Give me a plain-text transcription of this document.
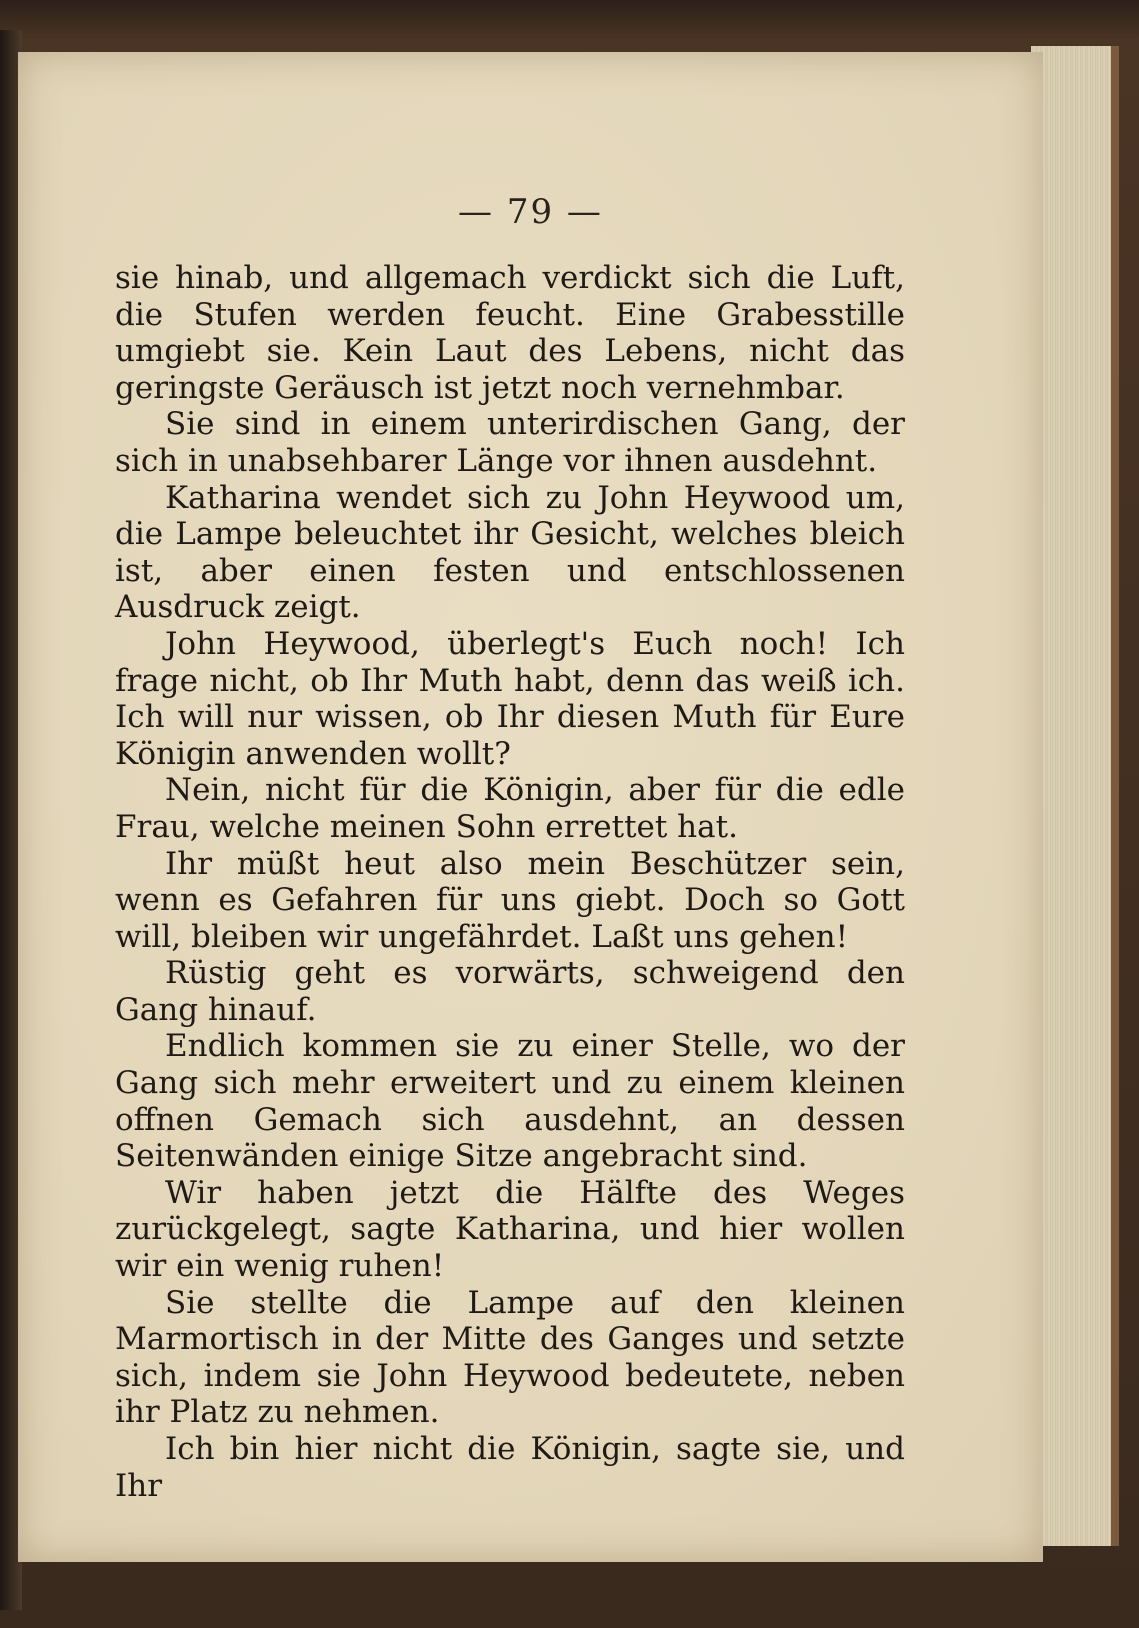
— 79 —

sie hinab, und allgemach verdickt sich die Luft, die Stufen werden feucht. Eine Grabesstille umgiebt sie. Kein Laut des Lebens, nicht das geringste Geräusch ist jetzt noch vernehmbar.

Sie sind in einem unterirdischen Gang, der sich in unabsehbarer Länge vor ihnen ausdehnt.

Katharina wendet sich zu John Heywood um, die Lampe beleuchtet ihr Gesicht, welches bleich ist, aber einen festen und entschlossenen Ausdruck zeigt.

John Heywood, überlegt's Euch noch! Ich frage nicht, ob Ihr Muth habt, denn das weiß ich. Ich will nur wissen, ob Ihr diesen Muth für Eure Königin anwenden wollt?

Nein, nicht für die Königin, aber für die edle Frau, welche meinen Sohn errettet hat.

Ihr müßt heut also mein Beschützer sein, wenn es Gefahren für uns giebt. Doch so Gott will, bleiben wir ungefährdet. Laßt uns gehen!

Rüstig geht es vorwärts, schweigend den Gang hinauf.

Endlich kommen sie zu einer Stelle, wo der Gang sich mehr erweitert und zu einem kleinen offnen Gemach sich ausdehnt, an dessen Seitenwänden einige Sitze angebracht sind.

Wir haben jetzt die Hälfte des Weges zurückgelegt, sagte Katharina, und hier wollen wir ein wenig ruhen!

Sie stellte die Lampe auf den kleinen Marmortisch in der Mitte des Ganges und setzte sich, indem sie John Heywood bedeutete, neben ihr Platz zu nehmen.

Ich bin hier nicht die Königin, sagte sie, und Ihr
